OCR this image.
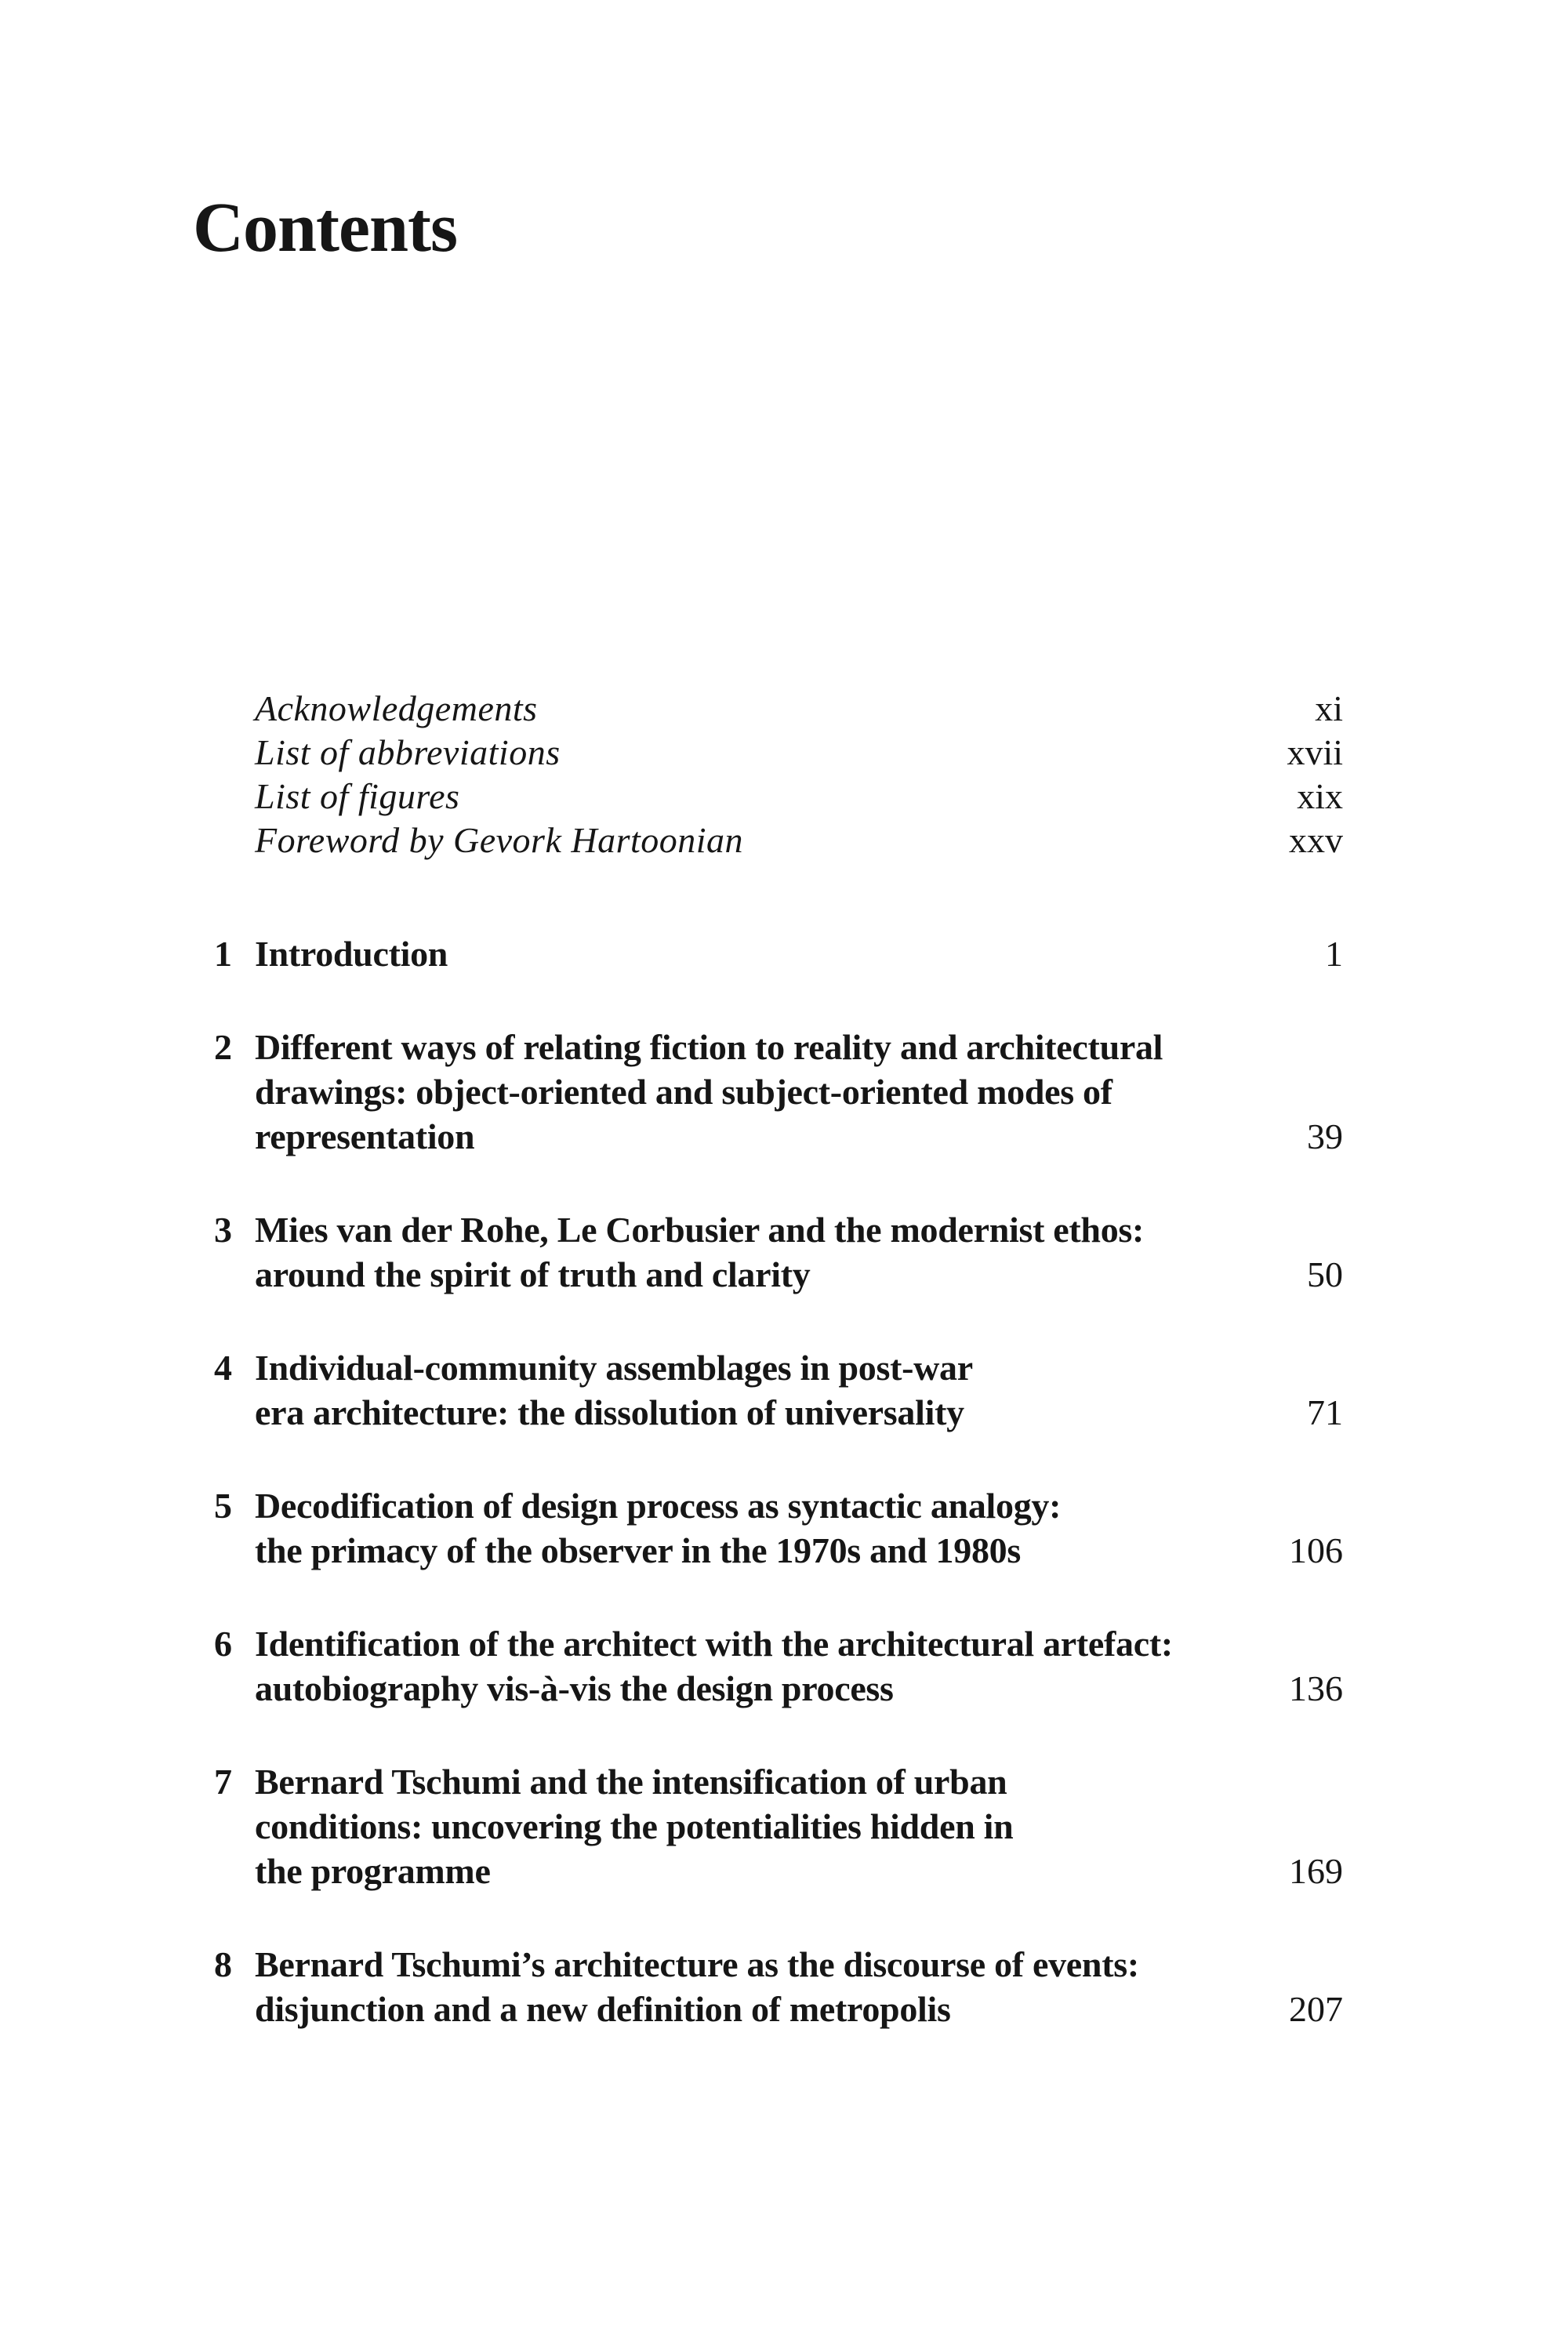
Contents
Acknowledgements	xi
List of abbreviations	xvii
List of figures	xix
Foreword by Gevork Hartoonian	xxv
1 Introduction	1
2 Different ways of relating fiction to reality and architectural
drawings: object-oriented and subject-oriented modes of
representation	39
3 Mies van der Rohe, Le Corbusier and the modernist ethos:
around the spirit of truth and clarity	50
4 Individual-community assemblages in post-war
era architecture: the dissolution of universality	71
5 Decodification of design process as syntactic analogy:
the primacy of the observer in the 1970s and 1980s	106
6 Identification of the architect with the architectural artefact:
autobiography vis-à-vis the design process	136
7 Bernard Tschumi and the intensification of urban
conditions: uncovering the potentialities hidden in
the programme	169
8 Bernard Tschumi’s architecture as the discourse of events:
disjunction and a new definition of metropolis	207
